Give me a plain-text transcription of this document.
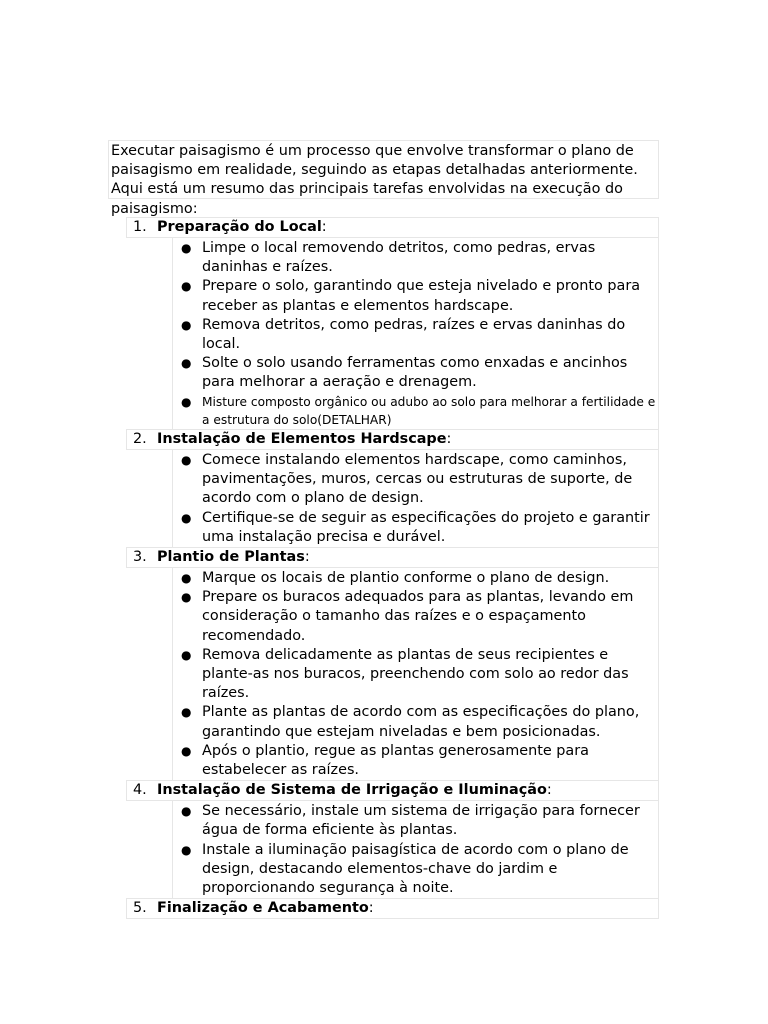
Executar paisagismo é um processo que envolve transformar o plano de paisagismo em realidade, seguindo as etapas detalhadas anteriormente. Aqui está um resumo das principais tarefas envolvidas na execução do paisagismo:
1. Preparação do Local:
● Limpe o local removendo detritos, como pedras, ervas daninhas e raízes.
● Prepare o solo, garantindo que esteja nivelado e pronto para receber as plantas e elementos hardscape.
● Remova detritos, como pedras, raízes e ervas daninhas do local.
● Solte o solo usando ferramentas como enxadas e ancinhos para melhorar a aeração e drenagem.
● Misture composto orgânico ou adubo ao solo para melhorar a fertilidade e a estrutura do solo(DETALHAR)
2. Instalação de Elementos Hardscape:
● Comece instalando elementos hardscape, como caminhos, pavimentações, muros, cercas ou estruturas de suporte, de acordo com o plano de design.
● Certifique-se de seguir as especificações do projeto e garantir uma instalação precisa e durável.
3. Plantio de Plantas:
● Marque os locais de plantio conforme o plano de design.
● Prepare os buracos adequados para as plantas, levando em consideração o tamanho das raízes e o espaçamento recomendado.
● Remova delicadamente as plantas de seus recipientes e plante-as nos buracos, preenchendo com solo ao redor das raízes.
● Plante as plantas de acordo com as especificações do plano, garantindo que estejam niveladas e bem posicionadas.
● Após o plantio, regue as plantas generosamente para estabelecer as raízes.
4. Instalação de Sistema de Irrigação e Iluminação:
● Se necessário, instale um sistema de irrigação para fornecer água de forma eficiente às plantas.
● Instale a iluminação paisagística de acordo com o plano de design, destacando elementos-chave do jardim e proporcionando segurança à noite.
5. Finalização e Acabamento:
